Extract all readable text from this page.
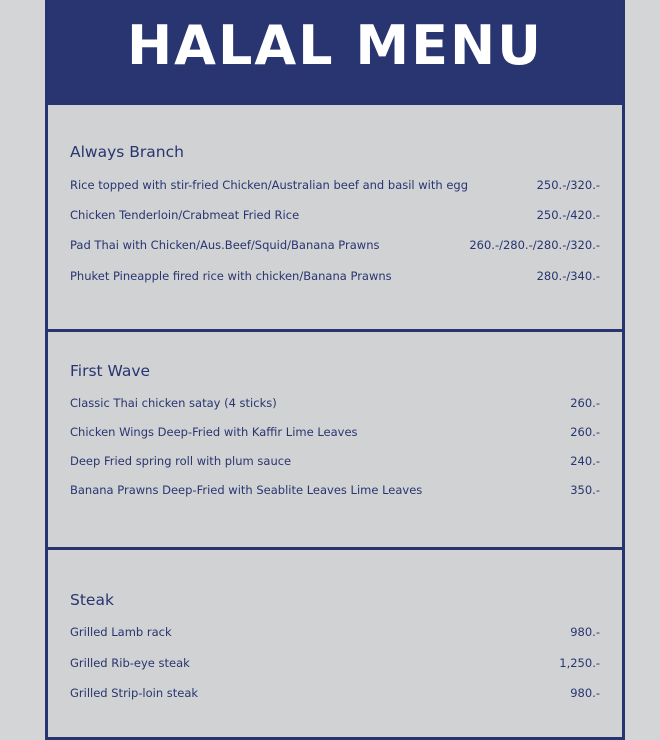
HALAL MENU
Always Branch
Rice topped with stir-fried Chicken/Australian beef and basil with egg	250.-/320.-
Chicken Tenderloin/Crabmeat Fried Rice	250.-/420.-
Pad Thai with Chicken/Aus.Beef/Squid/Banana Prawns	260.-/280.-/280.-/320.-
Phuket Pineapple fired rice with chicken/Banana Prawns	280.-/340.-
First Wave
Classic Thai chicken satay (4 sticks)	260.-
Chicken Wings Deep-Fried with Kaffir Lime Leaves	260.-
Deep Fried spring roll with plum sauce	240.-
Banana Prawns Deep-Fried with Seablite Leaves Lime Leaves	350.-
Steak
Grilled Lamb rack	980.-
Grilled Rib-eye steak	1,250.-
Grilled Strip-loin steak	980.-
